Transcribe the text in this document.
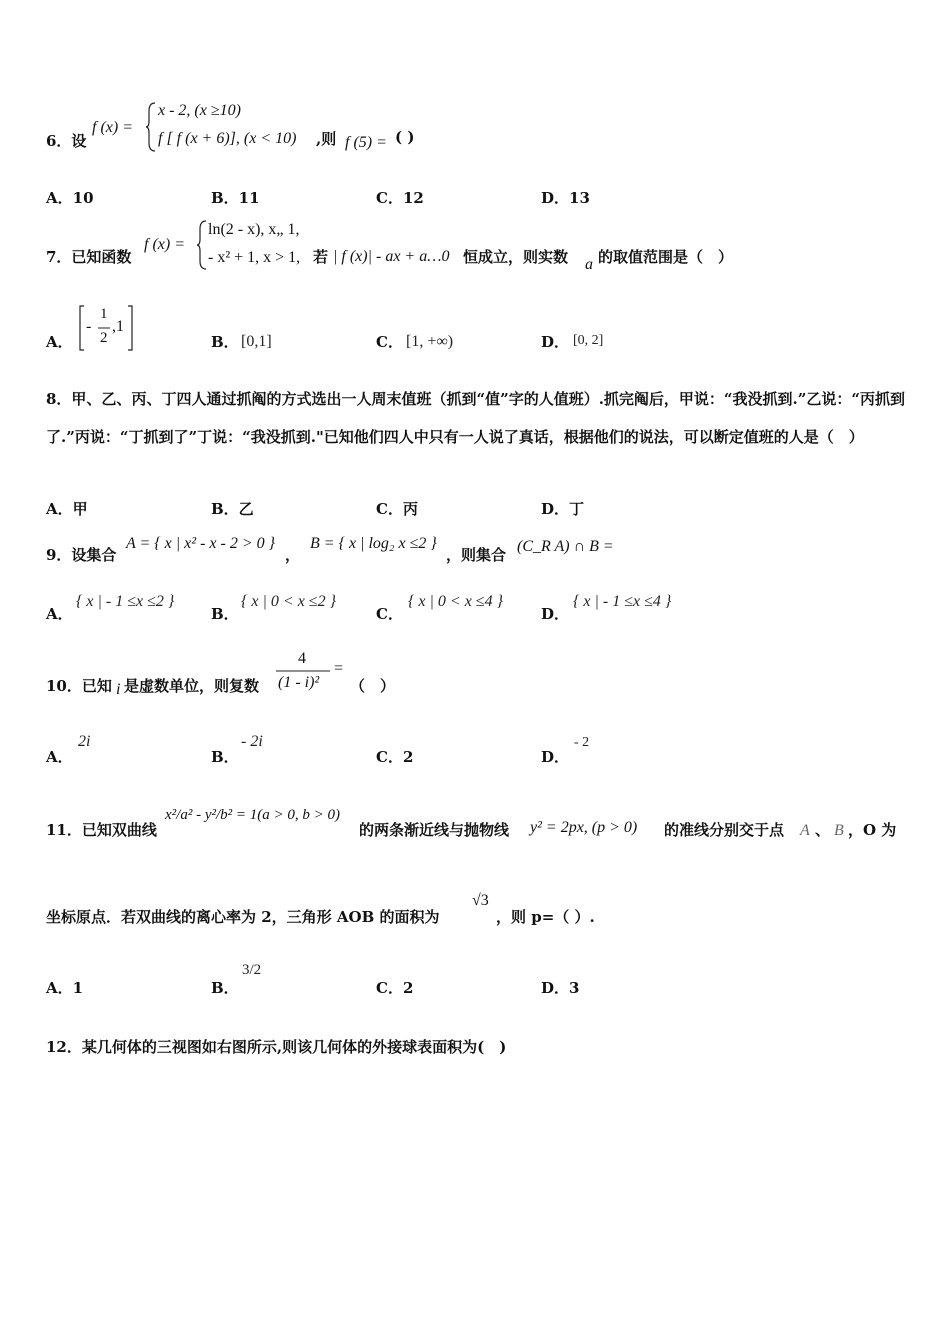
6．设
f (x) =
x - 2, (x ≥10)
f [ f (x + 6)], (x < 10) ,则 f (5) = ( )
A．10	B．11	C．12	D．13
7．已知函数
f (x) =
ln(2 - x), x„ 1,
- x² + 1, x > 1, 若 | f (x)| - ax + a…0 恒成立，则实数 a 的取值范围是（　）
A．
-
1
2
,1
B． [0,1]	C． [1, +∞)	D． [0, 2]
8．甲、乙、丙、丁四人通过抓阄的方式选出一人周末值班（抓到“值”字的人值班）.抓完阄后，甲说：“我没抓到.”乙说：“丙抓到了.”丙说：“丁抓到了”丁说：“我没抓到."已知他们四人中只有一人说了真话，根据他们的说法，可以断定值班的人是（　）
A．甲	B．乙	C．丙	D．丁
9．设集合
A = { x | x² - x - 2 > 0 }
，
B = { x | log₂ x ≤2 }
，则集合 (C_R A) ∩ B =
A．
{ x | - 1 ≤x ≤2 }
B．
{ x | 0 < x ≤2 }
C．
{ x | 0 < x ≤4 }
D．
{ x | - 1 ≤x ≤4 }
10．已知 i 是虚数单位，则复数
4
(1 - i)²
=
（　）
A．
2i
B．
- 2i
C．2	D．
- 2
11．已知双曲线
x²/a² - y²/b² = 1(a > 0, b > 0)
的两条渐近线与抛物线 y² = 2px, (p > 0) 的准线分别交于点 A 、 B ，O 为
坐标原点．若双曲线的离心率为 2，三角形 AOB 的面积为
√3
，则 p=（ ）.
A．1	B．
3/2
C．2	D．3
12．某几何体的三视图如右图所示,则该几何体的外接球表面积为(　)
